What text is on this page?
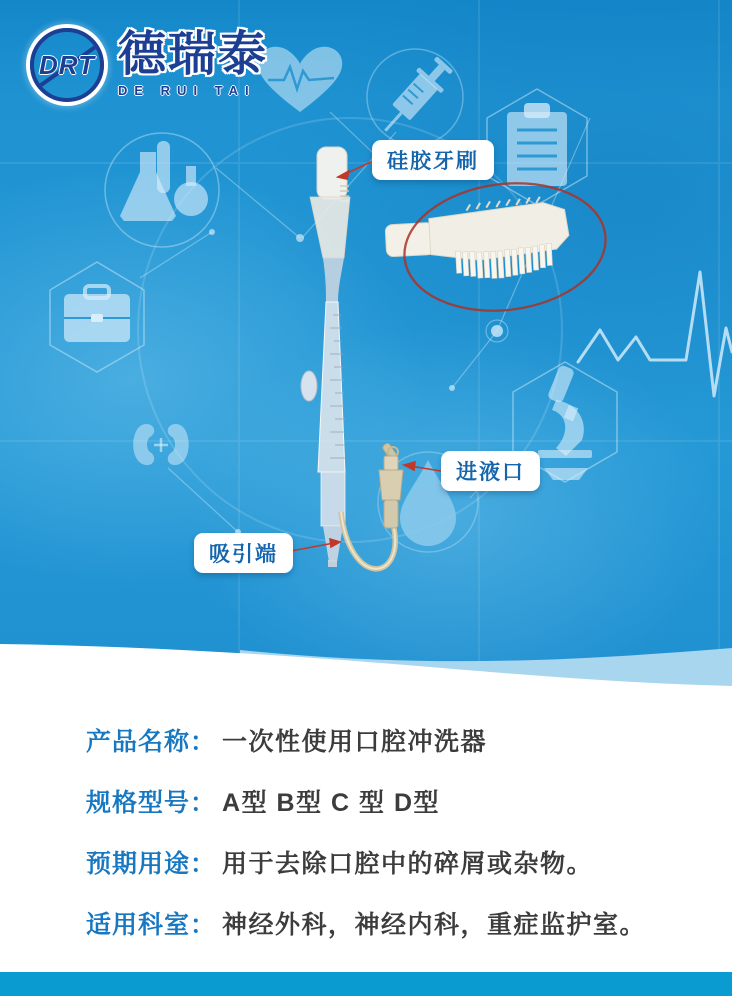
DRT 德瑞泰
DE RUI TAI
硅胶牙刷
进液口
吸引端
产品名称： 一次性使用口腔冲洗器
规格型号： A型 B型 C 型 D型
预期用途： 用于去除口腔中的碎屑或杂物。
适用科室： 神经外科，神经内科，重症监护室。
